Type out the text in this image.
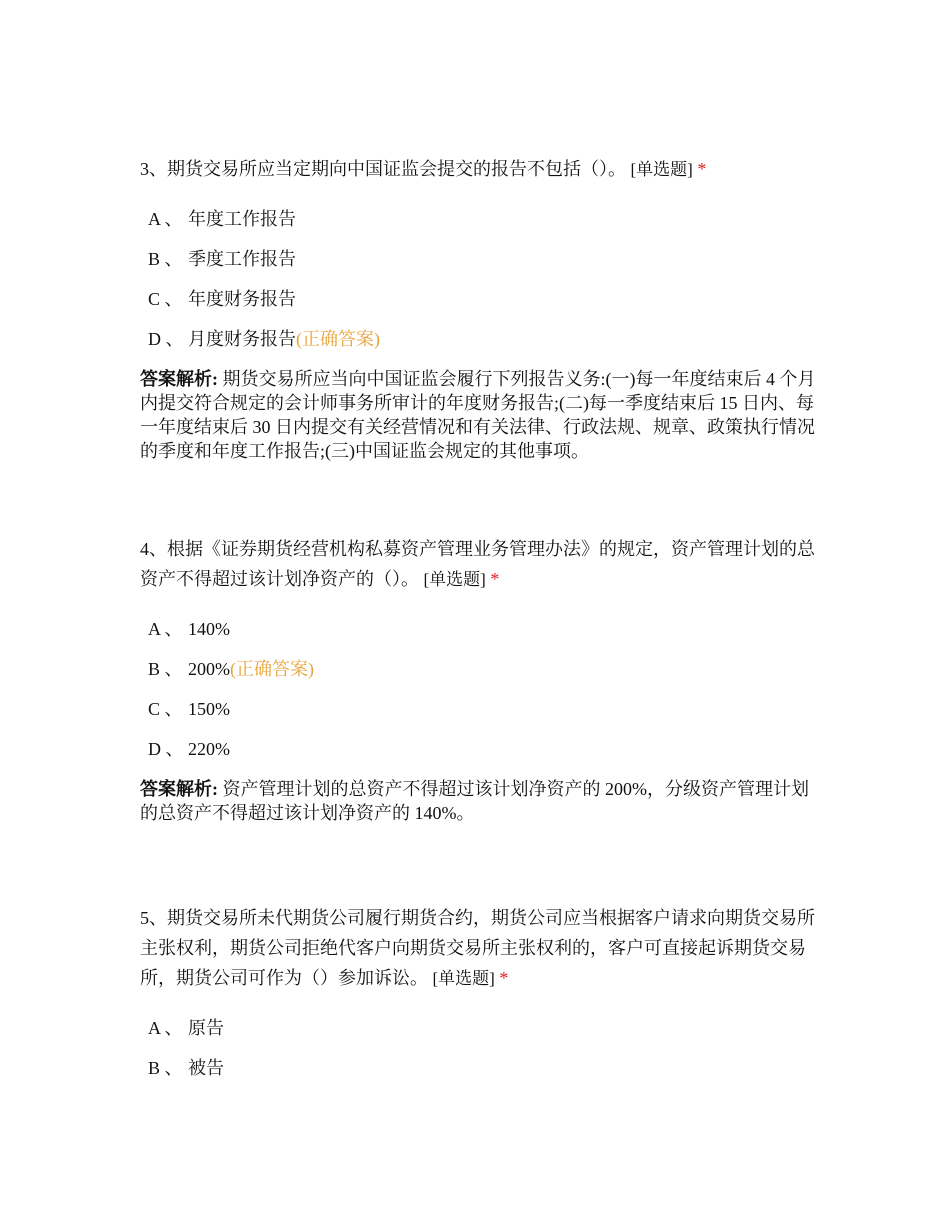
3、期货交易所应当定期向中国证监会提交的报告不包括（）。 [单选题] *

A 、 年度工作报告
B 、 季度工作报告
C 、 年度财务报告
D 、 月度财务报告(正确答案)
答案解析: 期货交易所应当向中国证监会履行下列报告义务:(一)每一年度结束后 4 个月内提交符合规定的会计师事务所审计的年度财务报告;(二)每一季度结束后 15 日内、每一年度结束后 30 日内提交有关经营情况和有关法律、行政法规、规章、政策执行情况的季度和年度工作报告;(三)中国证监会规定的其他事项。

4、根据《证券期货经营机构私募资产管理业务管理办法》的规定，资产管理计划的总资产不得超过该计划净资产的（）。 [单选题] *

A 、 140%
B 、 200%(正确答案)
C 、 150%
D 、 220%
答案解析: 资产管理计划的总资产不得超过该计划净资产的 200%，分级资产管理计划的总资产不得超过该计划净资产的 140%。

5、期货交易所未代期货公司履行期货合约，期货公司应当根据客户请求向期货交易所主张权利，期货公司拒绝代客户向期货交易所主张权利的，客户可直接起诉期货交易所，期货公司可作为（）参加诉讼。 [单选题] *

A 、 原告
B 、 被告
